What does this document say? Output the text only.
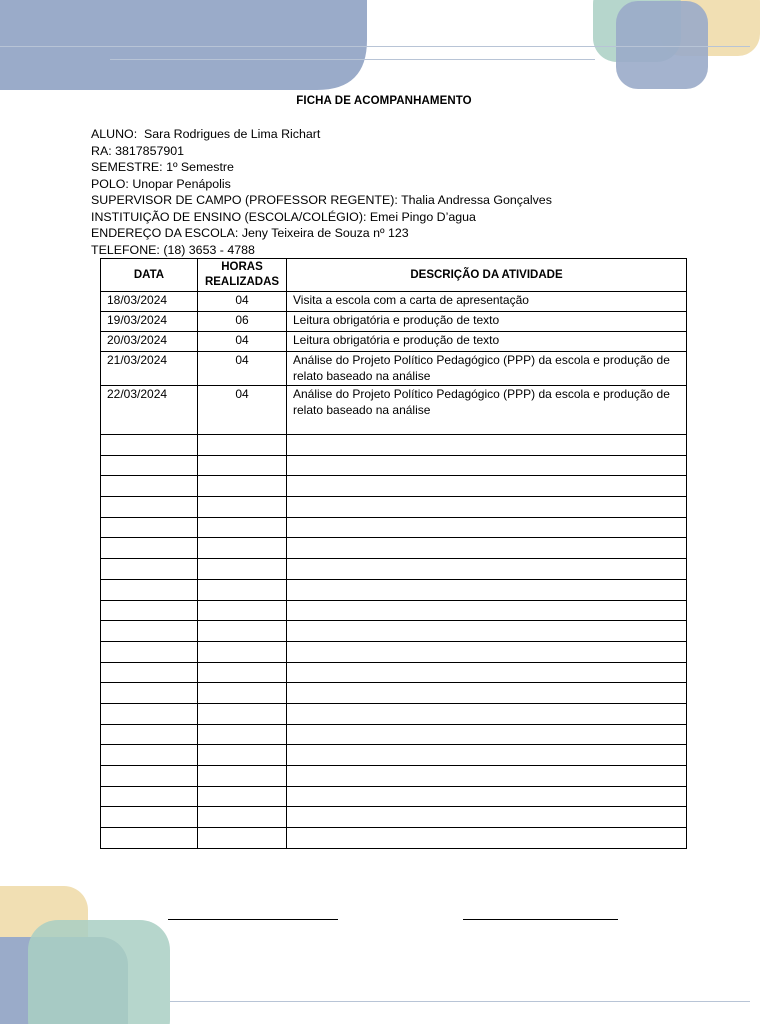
FICHA DE ACOMPANHAMENTO
ALUNO: Sara Rodrigues de Lima Richart
RA: 3817857901
SEMESTRE: 1º Semestre
POLO: Unopar Penápolis
SUPERVISOR DE CAMPO (PROFESSOR REGENTE): Thalia Andressa Gonçalves
INSTITUIÇÃO DE ENSINO (ESCOLA/COLÉGIO): Emei Pingo D’agua
ENDEREÇO DA ESCOLA: Jeny Teixeira de Souza nº 123
TELEFONE: (18) 3653 - 4788
DATA	HORAS REALIZADAS	DESCRIÇÃO DA ATIVIDADE
18/03/2024	04	Visita a escola com a carta de apresentação
19/03/2024	06	Leitura obrigatória e produção de texto
20/03/2024	04	Leitura obrigatória e produção de texto
21/03/2024	04	Análise do Projeto Político Pedagógico (PPP) da escola e produção de relato baseado na análise
22/03/2024	04	Análise do Projeto Político Pedagógico (PPP) da escola e produção de relato baseado na análise
